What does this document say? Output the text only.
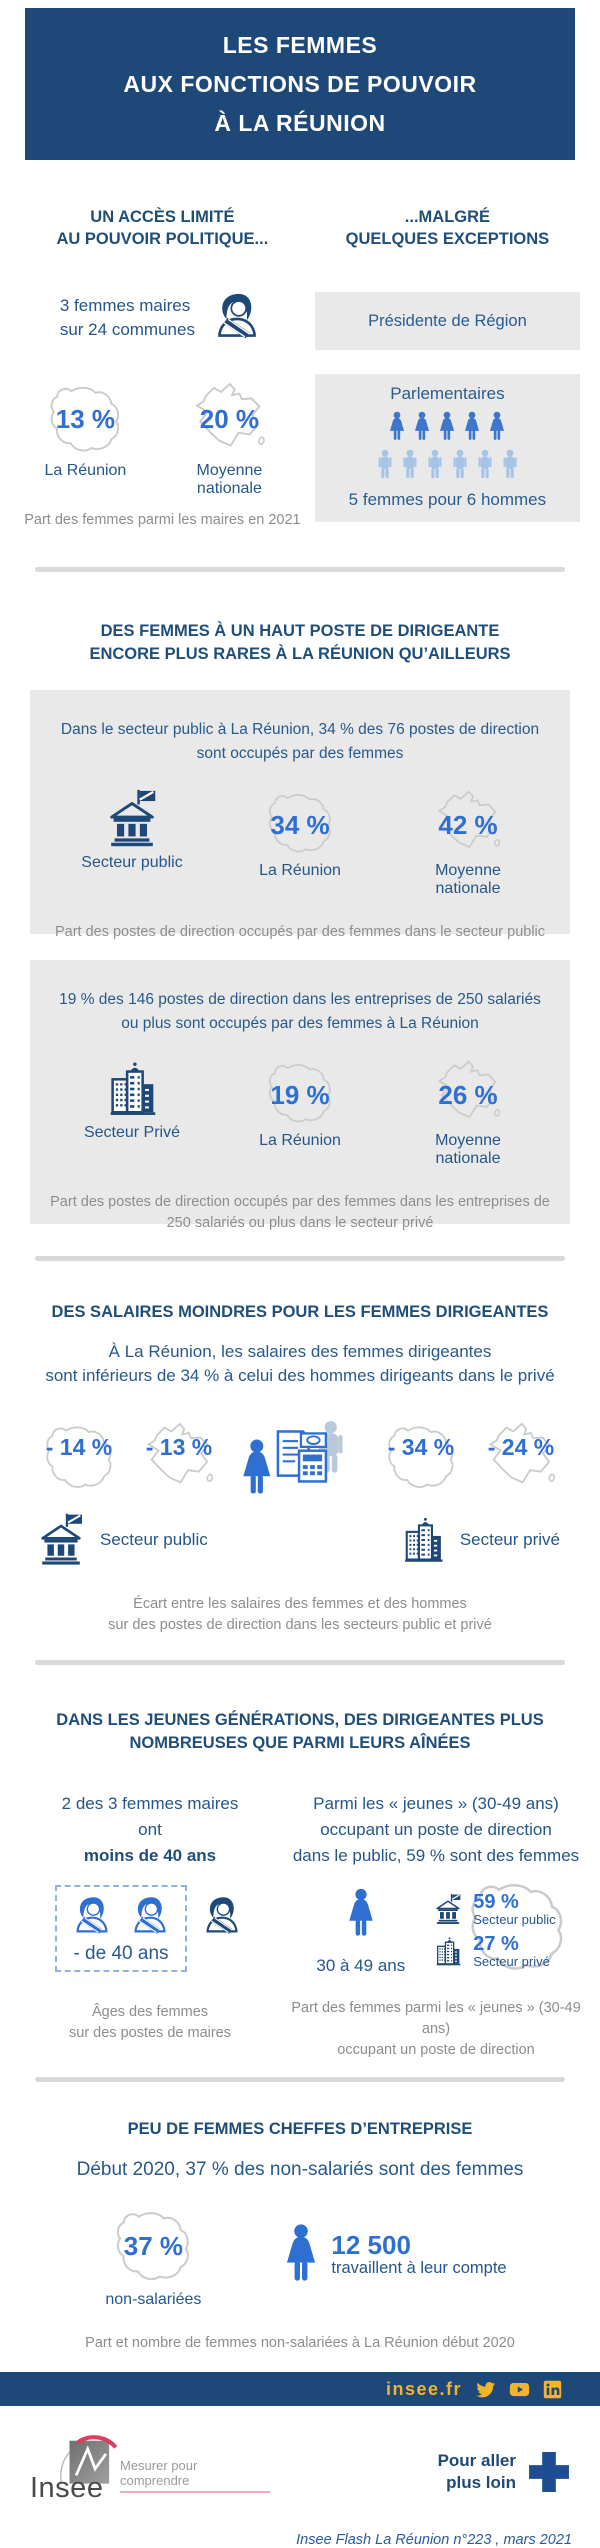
LES FEMMES
AUX FONCTIONS DE POUVOIR
À LA RÉUNION
UN ACCÈS LIMITÉ
AU POUVOIR POLITIQUE...
3 femmes maires
sur 24 communes
13 %
La Réunion
20 %
Moyenne nationale

Part des femmes parmi les maires en 2021

...MALGRÉ
QUELQUES EXCEPTIONS
Présidente de Région
Parlementaires
5 femmes pour 6 hommes
DES FEMMES À UN HAUT POSTE DE DIRIGEANTE
ENCORE PLUS RARES À LA RÉUNION QU’AILLEURS

Dans le secteur public à La Réunion, 34 % des 76 postes de direction sont occupés par des femmes

Secteur public
34 %
La Réunion
42 %
Moyenne nationale

Part des postes de direction occupés par des femmes dans le secteur public

19 % des 146 postes de direction dans les entreprises de 250 salariés ou plus sont occupés par des femmes à La Réunion

Secteur Privé
19 %
La Réunion
26 %
Moyenne nationale

Part des postes de direction occupés par des femmes dans les entreprises de 250 salariés ou plus dans le secteur privé

DES SALAIRES MOINDRES POUR LES FEMMES DIRIGEANTES
À La Réunion, les salaires des femmes dirigeantes
sont inférieurs de 34 % à celui des hommes dirigeants dans le privé
- 14 % - 13 %	- 34 % - 24 %
Secteur public	Secteur privé

Écart entre les salaires des femmes et des hommes
sur des postes de direction dans les secteurs public et privé

DANS LES JEUNES GÉNÉRATIONS, DES DIRIGEANTES PLUS
NOMBREUSES QUE PARMI LEURS AÎNÉES
2 des 3 femmes maires
ont
moins de 40 ans
- de 40 ans

Âges des femmes
sur des postes de maires

Parmi les « jeunes » (30-49 ans)
occupant un poste de direction
dans le public, 59 % sont des femmes
30 à 49 ans
59 %
Secteur public
27 %
Secteur privé

Part des femmes parmi les « jeunes » (30-49 ans)
occupant un poste de direction

PEU DE FEMMES CHEFFES D’ENTREPRISE
Début 2020, 37 % des non-salariés sont des femmes
37 %
non-salariées
12 500
travaillent à leur compte

Part et nombre de femmes non-salariées à La Réunion début 2020

insee.fr
Insee
Mesurer pour comprendre
Pour aller
plus loin
Insee Flash La Réunion n°223 , mars 2021
